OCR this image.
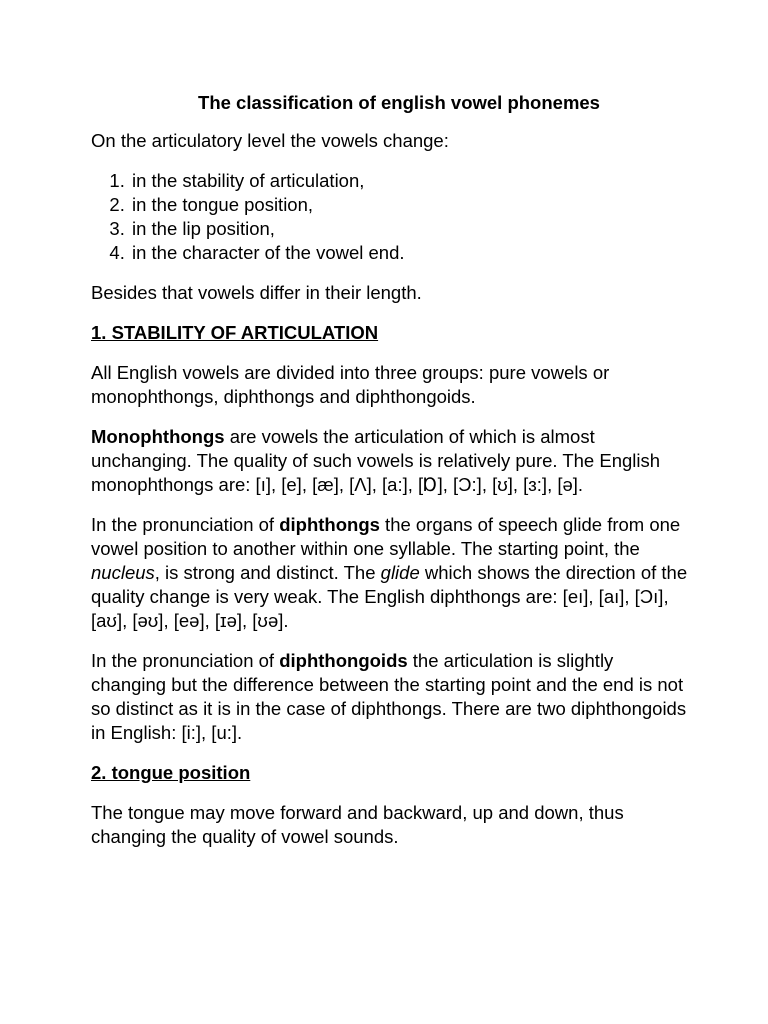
The classification of english vowel phonemes

On the articulatory level the vowels change:

1. in the stability of articulation,
2. in the tongue position,
3. in the lip position,
4. in the character of the vowel end.

Besides that vowels differ in their length.

1. STABILITY OF ARTICULATION

All English vowels are divided into three groups: pure vowels or monophthongs, diphthongs and diphthongoids.

Monophthongs are vowels the articulation of which is almost unchanging. The quality of such vowels is relatively pure. The English monophthongs are: [ı], [e], [æ], [Λ], [a:], [Ɒ], [Ɔ:], [ʊ], [ɜ:], [ə].

In the pronunciation of diphthongs the organs of speech glide from one vowel position to another within one syllable. The starting point, the nucleus, is strong and distinct. The glide which shows the direction of the quality change is very weak. The English diphthongs are: [eı], [aı], [Ɔı], [aʊ], [əʊ], [eə], [ɪə], [ʊə].

In the pronunciation of diphthongoids the articulation is slightly changing but the difference between the starting point and the end is not so distinct as it is in the case of diphthongs. There are two diphthongoids in English: [i:], [u:].

2. tongue position

The tongue may move forward and backward, up and down, thus changing the quality of vowel sounds.
